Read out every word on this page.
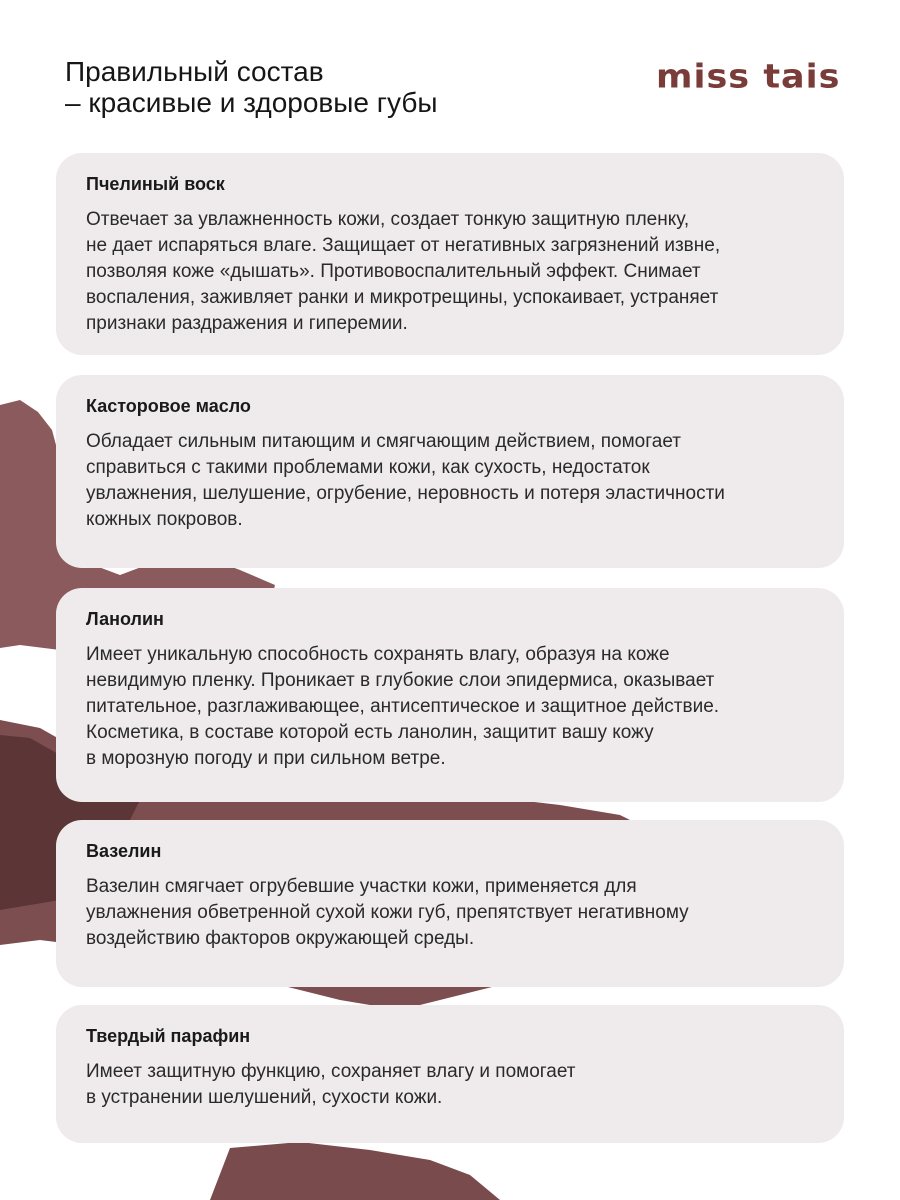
Правильный состав
– красивые и здоровые губы
miss tais
Пчелиный воск
Отвечает за увлажненность кожи, создает тонкую защитную пленку,
не дает испаряться влаге. Защищает от негативных загрязнений извне,
позволяя коже «дышать». Противовоспалительный эффект. Снимает
воспаления, заживляет ранки и микротрещины, успокаивает, устраняет
признаки раздражения и гиперемии.
Касторовое масло
Обладает сильным питающим и смягчающим действием, помогает
справиться с такими проблемами кожи, как сухость, недостаток
увлажнения, шелушение, огрубение, неровность и потеря эластичности
кожных покровов.
Ланолин
Имеет уникальную способность сохранять влагу, образуя на коже
невидимую пленку. Проникает в глубокие слои эпидермиса, оказывает
питательное, разглаживающее, антисептическое и защитное действие.
Косметика, в составе которой есть ланолин, защитит вашу кожу
в морозную погоду и при сильном ветре.
Вазелин
Вазелин смягчает огрубевшие участки кожи, применяется для
увлажнения обветренной сухой кожи губ, препятствует негативному
воздействию факторов окружающей среды.
Твердый парафин
Имеет защитную функцию, сохраняет влагу и помогает
в устранении шелушений, сухости кожи.
